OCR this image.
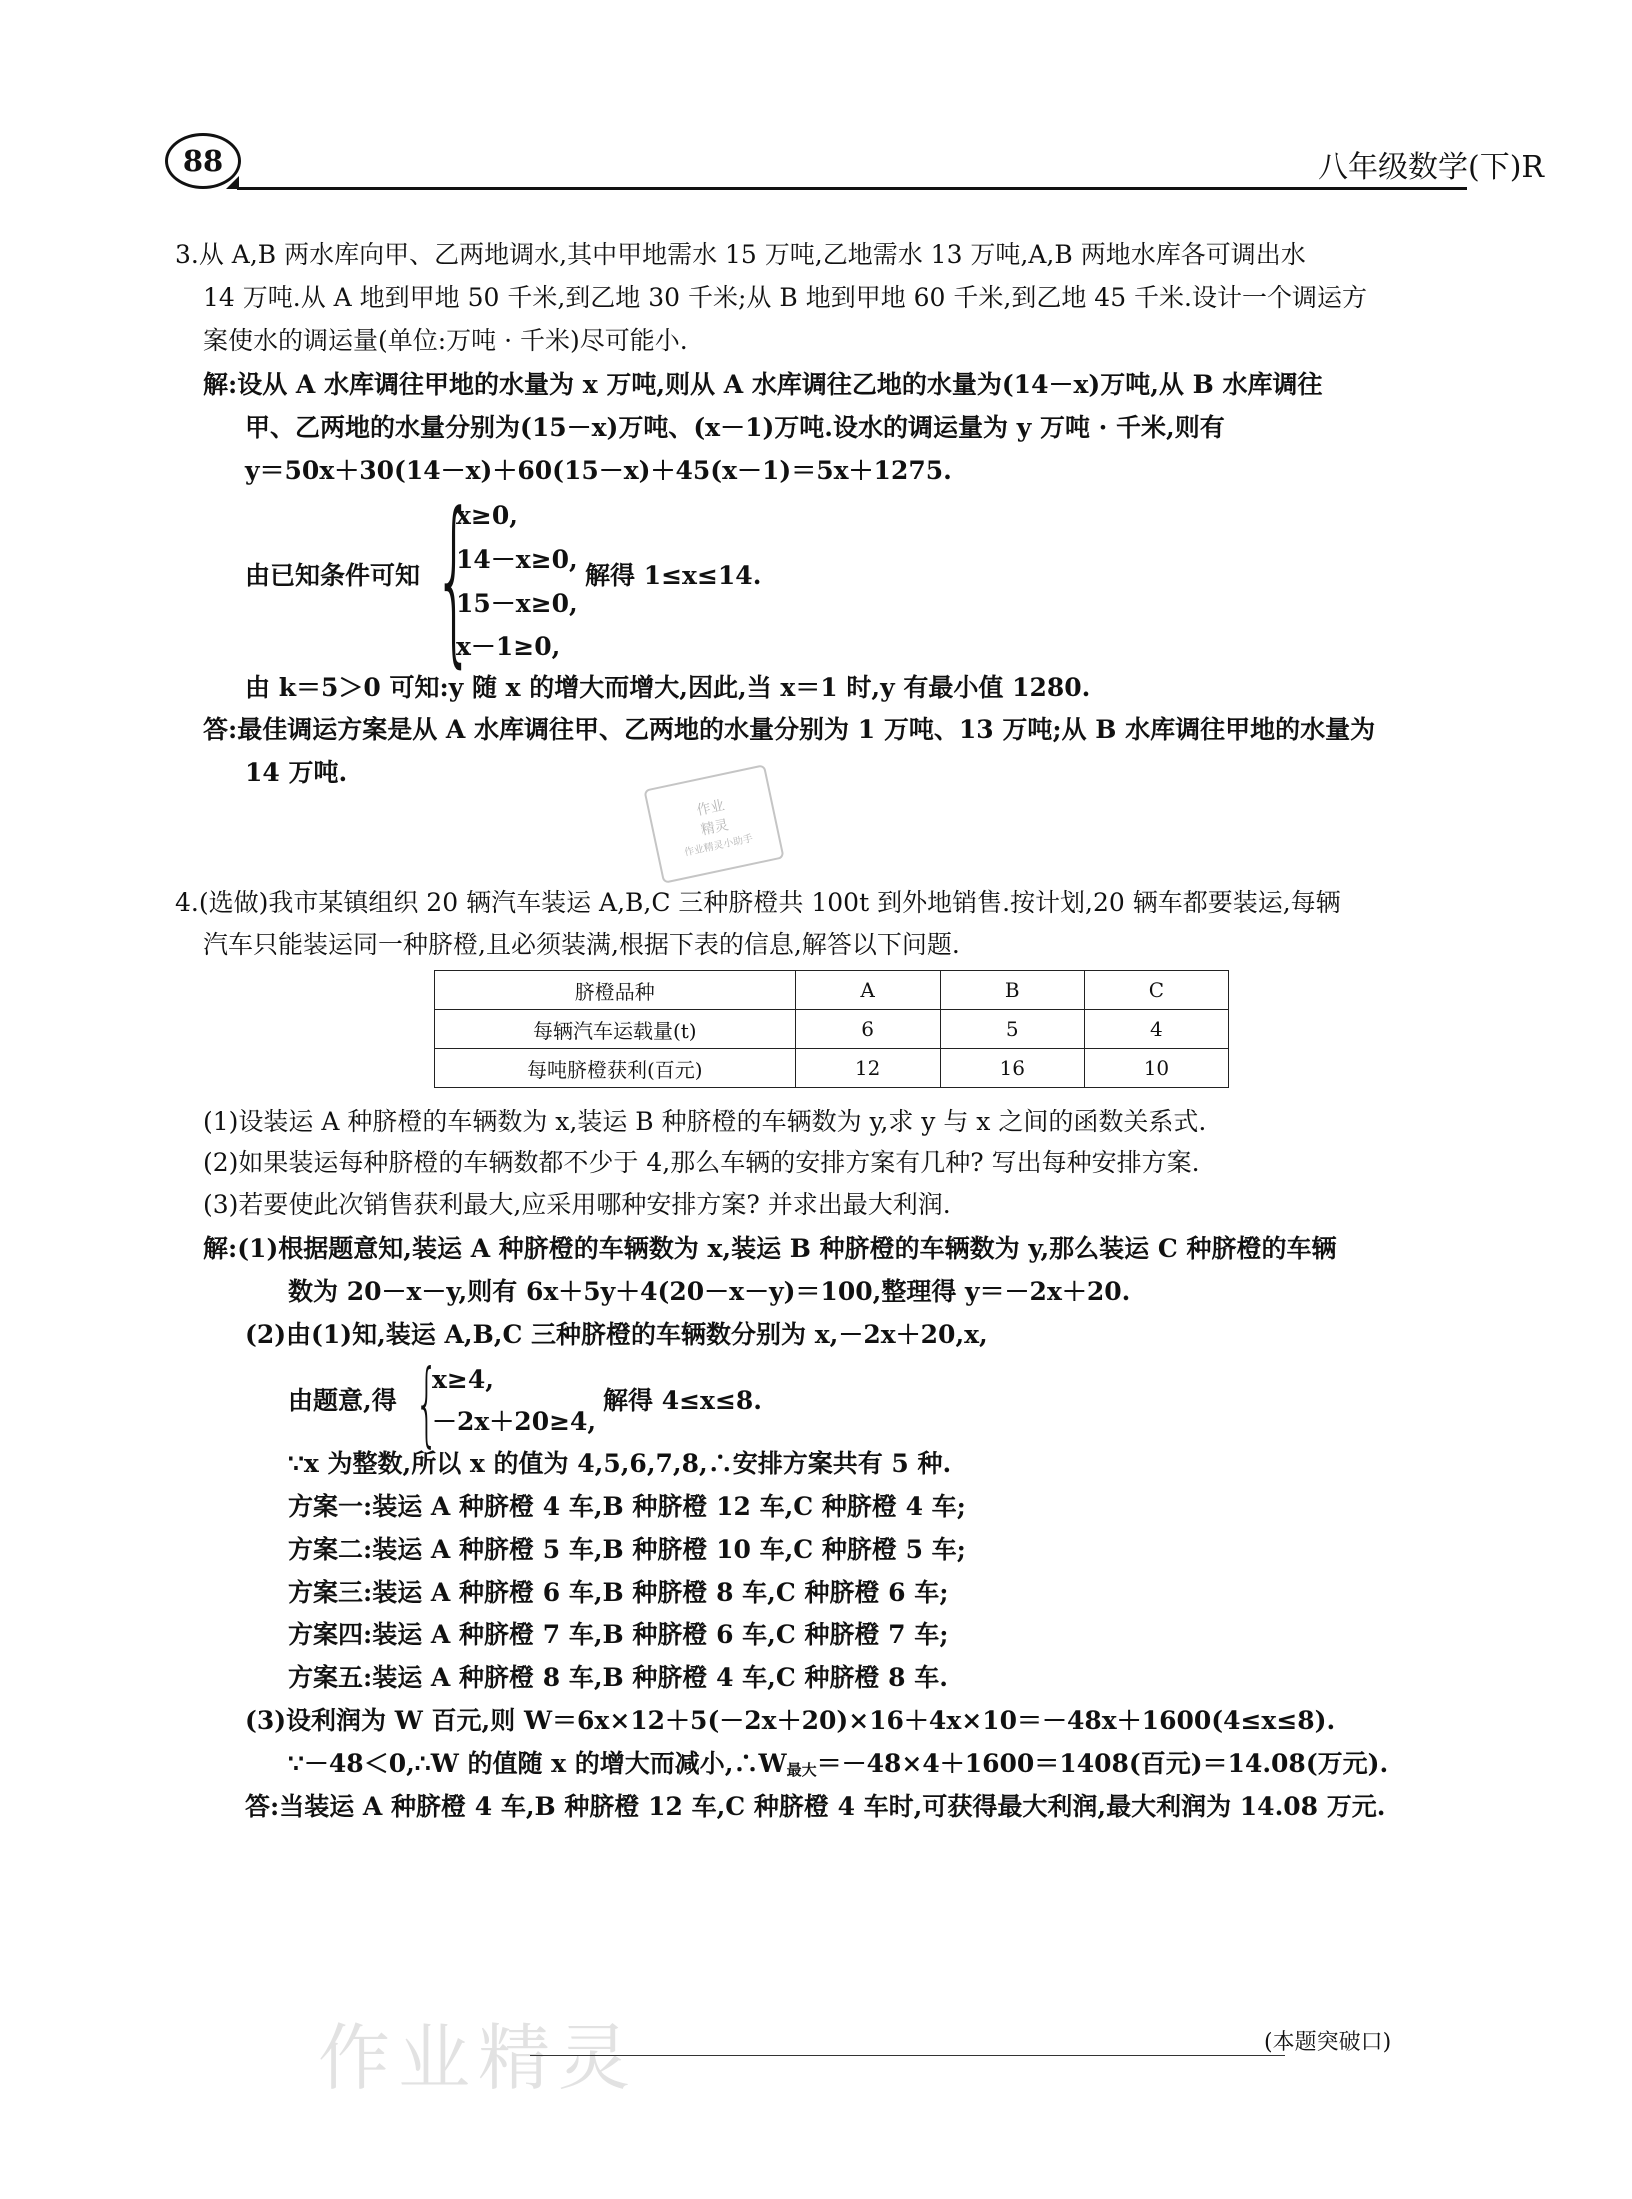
88	八年级数学(下)R
3.从 A,B 两水库向甲、乙两地调水,其中甲地需水 15 万吨,乙地需水 13 万吨,A,B 两地水库各可调出水
14 万吨.从 A 地到甲地 50 千米,到乙地 30 千米;从 B 地到甲地 60 千米,到乙地 45 千米.设计一个调运方
案使水的调运量(单位:万吨 · 千米)尽可能小.
解:设从 A 水库调往甲地的水量为 x 万吨,则从 A 水库调往乙地的水量为(14－x)万吨,从 B 水库调往
甲、乙两地的水量分别为(15－x)万吨、(x－1)万吨.设水的调运量为 y 万吨 · 千米,则有
y＝50x＋30(14－x)＋60(15－x)＋45(x－1)＝5x＋1275.
由已知条件可知 {
x≥0,
14－x≥0,
15－x≥0,
x－1≥0,
解得 1≤x≤14.
由 k＝5＞0 可知:y 随 x 的增大而增大,因此,当 x＝1 时,y 有最小值 1280.
答:最佳调运方案是从 A 水库调往甲、乙两地的水量分别为 1 万吨、13 万吨;从 B 水库调往甲地的水量为
14 万吨.
作业
精灵
作业精灵小助手
4.(选做)我市某镇组织 20 辆汽车装运 A,B,C 三种脐橙共 100t 到外地销售.按计划,20 辆车都要装运,每辆
汽车只能装运同一种脐橙,且必须装满,根据下表的信息,解答以下问题.
脐橙品种	A	B	C
每辆汽车运载量(t)	6	5	4
每吨脐橙获利(百元)	12	16	10
(1)设装运 A 种脐橙的车辆数为 x,装运 B 种脐橙的车辆数为 y,求 y 与 x 之间的函数关系式.
(2)如果装运每种脐橙的车辆数都不少于 4,那么车辆的安排方案有几种? 写出每种安排方案.
(3)若要使此次销售获利最大,应采用哪种安排方案? 并求出最大利润.
解:(1)根据题意知,装运 A 种脐橙的车辆数为 x,装运 B 种脐橙的车辆数为 y,那么装运 C 种脐橙的车辆
数为 20－x－y,则有 6x＋5y＋4(20－x－y)＝100,整理得 y＝－2x＋20.
(2)由(1)知,装运 A,B,C 三种脐橙的车辆数分别为 x,－2x＋20,x,
由题意,得 {
x≥4,
－2x＋20≥4,
解得 4≤x≤8.
∵x 为整数,所以 x 的值为 4,5,6,7,8,∴安排方案共有 5 种.
方案一:装运 A 种脐橙 4 车,B 种脐橙 12 车,C 种脐橙 4 车;
方案二:装运 A 种脐橙 5 车,B 种脐橙 10 车,C 种脐橙 5 车;
方案三:装运 A 种脐橙 6 车,B 种脐橙 8 车,C 种脐橙 6 车;
方案四:装运 A 种脐橙 7 车,B 种脐橙 6 车,C 种脐橙 7 车;
方案五:装运 A 种脐橙 8 车,B 种脐橙 4 车,C 种脐橙 8 车.
(3)设利润为 W 百元,则 W＝6x×12＋5(－2x＋20)×16＋4x×10＝－48x＋1600(4≤x≤8).
∵－48＜0,∴W 的值随 x 的增大而减小$,\therefore W_{最大}=-48\times 4+1600=1408$(百元)＝14.08(万元).
答:当装运 A 种脐橙 4 车,B 种脐橙 12 车,C 种脐橙 4 车时,可获得最大利润,最大利润为 14.08 万元.
作业精灵	(本题突破口)
